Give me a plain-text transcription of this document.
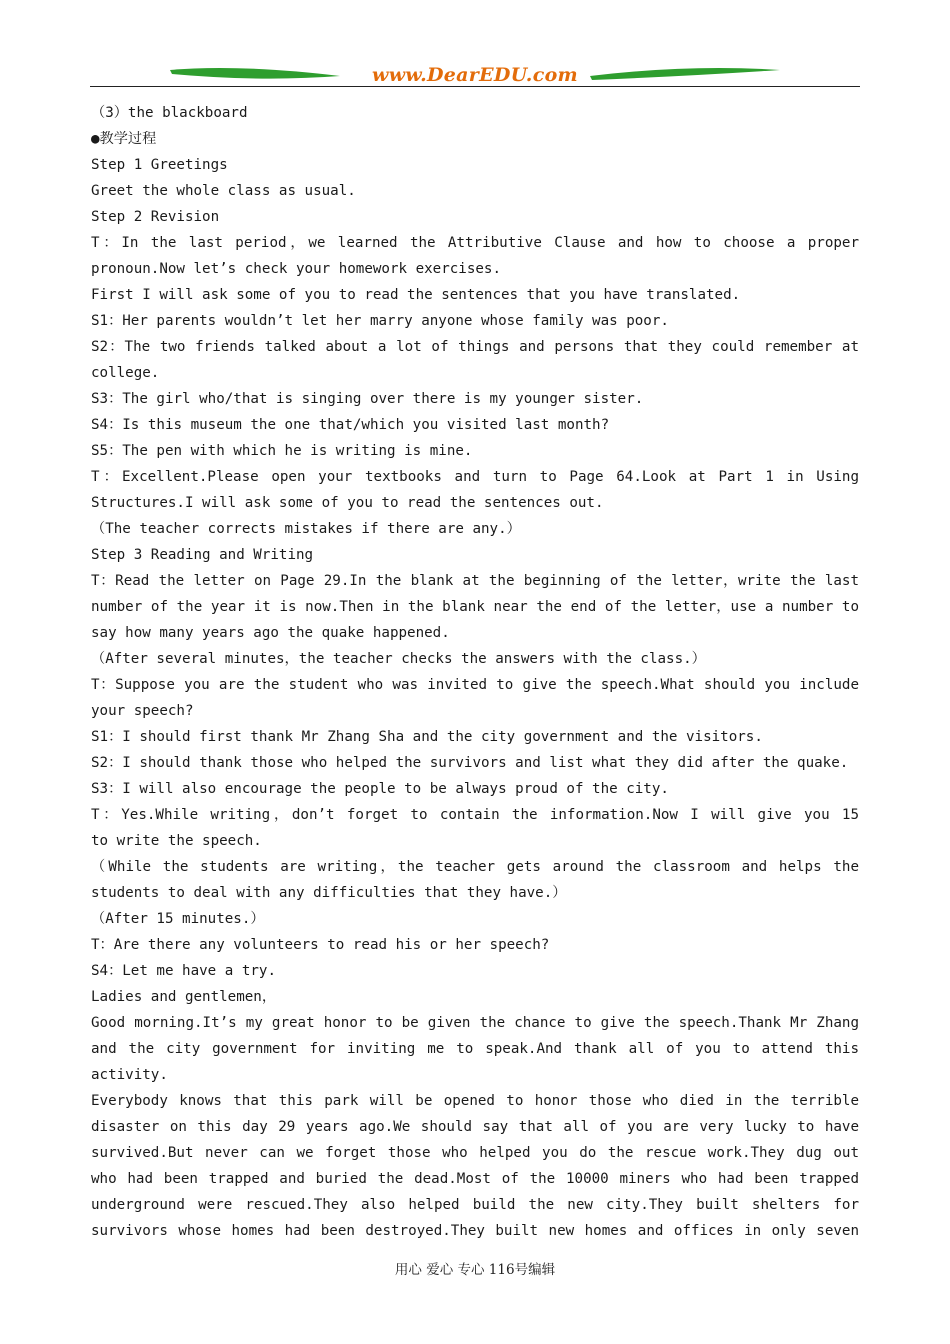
www.DearEDU.com
（3）the blackboard
●教学过程
Step 1 Greetings
Greet the whole class as usual.
Step 2 Revision
T：In the last period，we learned the Attributive Clause and how to choose a proper
pronoun.Now let’s check your homework exercises.
First I will ask some of you to read the sentences that you have translated.
S1：Her parents wouldn’t let her marry anyone whose family was poor.
S2：The two friends talked about a lot of things and persons that they could remember at
college.
S3：The girl who/that is singing over there is my younger sister.
S4：Is this museum the one that/which you visited last month?
S5：The pen with which he is writing is mine.
T：Excellent.Please open your textbooks and turn to Page 64.Look at Part 1 in Using
Structures.I will ask some of you to read the sentences out.
（The teacher corrects mistakes if there are any.）
Step 3 Reading and Writing
T：Read the letter on Page 29.In the blank at the beginning of the letter，write the last
number of the year it is now.Then in the blank near the end of the letter，use a number to
say how many years ago the quake happened.
（After several minutes，the teacher checks the answers with the class.）
T：Suppose you are the student who was invited to give the speech.What should you include
your speech?
S1：I should first thank Mr Zhang Sha and the city government and the visitors.
S2：I should thank those who helped the survivors and list what they did after the quake.
S3：I will also encourage the people to be always proud of the city.
T：Yes.While writing，don’t forget to contain the information.Now I will give you 15
to write the speech.
（While the students are writing，the teacher gets around the classroom and helps the
students to deal with any difficulties that they have.）
（After 15 minutes.）
T：Are there any volunteers to read his or her speech?
S4：Let me have a try.
Ladies and gentlemen，
Good morning.It’s my great honor to be given the chance to give the speech.Thank Mr Zhang
and the city government for inviting me to speak.And thank all of you to attend this
activity.
Everybody knows that this park will be opened to honor those who died in the terrible
disaster on this day 29 years ago.We should say that all of you are very lucky to have
survived.But never can we forget those who helped you do the rescue work.They dug out
who had been trapped and buried the dead.Most of the 10000 miners who had been trapped
underground were rescued.They also helped build the new city.They built shelters for
survivors whose homes had been destroyed.They built new homes and offices in only seven
用心 爱心 专心 116号编辑
